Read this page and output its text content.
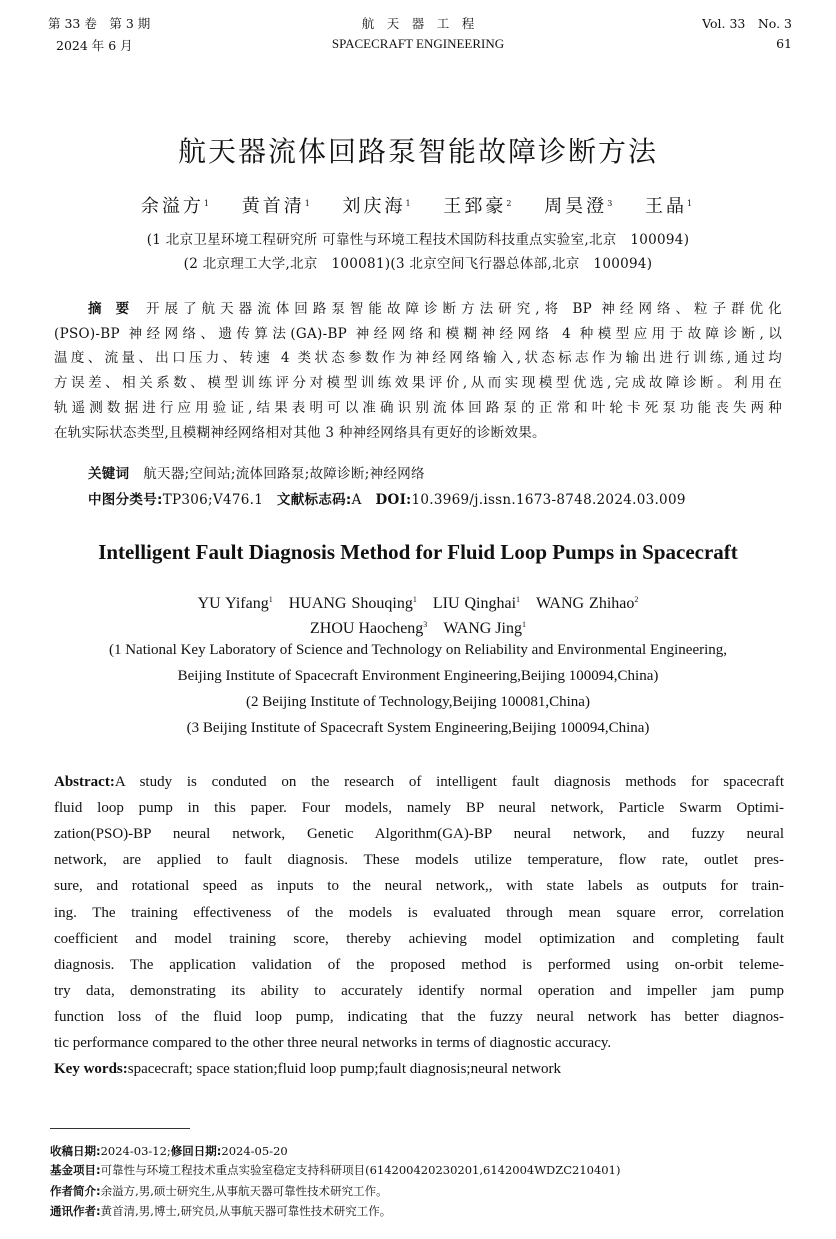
第 33 卷　第 3 期
2024 年 6 月
航　天　器　工　程
SPACECRAFT ENGINEERING
Vol. 33　No. 3
61
航天器流体回路泵智能故障诊断方法
余溢方$^1$　 黄首清$^1$　 刘庆海$^1$　 王郅豪$^2$　 周昊澄$^3$　 王晶$^1$
(1 北京卫星环境工程研究所 可靠性与环境工程技术国防科技重点实验室,北京　100094)
(2 北京理工大学,北京　100081)(3 北京空间飞行器总体部,北京　100094)
摘　要 开展了航天器流体回路泵智能故障诊断方法研究,将 BP 神经网络、粒子群优化
(PSO)-BP 神经网络、遗传算法(GA)-BP 神经网络和模糊神经网络 4 种模型应用于故障诊断,以
温度、流量、出口压力、转速 4 类状态参数作为神经网络输入,状态标志作为输出进行训练,通过均
方误差、相关系数、模型训练评分对模型训练效果评价,从而实现模型优选,完成故障诊断。利用在
轨遥测数据进行应用验证,结果表明可以准确识别流体回路泵的正常和叶轮卡死泵功能丧失两种
在轨实际状态类型,且模糊神经网络相对其他 3 种神经网络具有更好的诊断效果。
关键词　 航天器;空间站;流体回路泵;故障诊断;神经网络
中图分类号:TP306;V476.1　 文献标志码:A　 DOI:10.3969/j.issn.1673-8748.2024.03.009
Intelligent Fault Diagnosis Method for Fluid Loop Pumps in Spacecraft
YU Yifang$^1$　 HUANG Shouqing$^1$　 LIU Qinghai$^1$　 WANG Zhihao$^2$
ZHOU Haocheng$^3$　 WANG Jing$^1$
(1 National Key Laboratory of Science and Technology on Reliability and Environmental Engineering,
Beijing Institute of Spacecraft Environment Engineering,Beijing 100094,China)
(2 Beijing Institute of Technology,Beijing 100081,China)
(3 Beijing Institute of Spacecraft System Engineering,Beijing 100094,China)
Abstract:A study is conduted on the research of intelligent fault diagnosis methods for spacecraft
fluid loop pump in this paper. Four models, namely BP neural network, Particle Swarm Optimi-
zation(PSO)-BP neural network, Genetic Algorithm(GA)-BP neural network, and fuzzy neural
network, are applied to fault diagnosis. These models utilize temperature, flow rate, outlet pres-
sure, and rotational speed as inputs to the neural network,, with state labels as outputs for train-
ing. The training effectiveness of the models is evaluated through mean square error, correlation
coefficient and model training score, thereby achieving model optimization and completing fault
diagnosis. The application validation of the proposed method is performed using on-orbit teleme-
try data, demonstrating its ability to accurately identify normal operation and impeller jam pump
function loss of the fluid loop pump, indicating that the fuzzy neural network has better diagnos-
tic performance compared to the other three neural networks in terms of diagnostic accuracy.
Key words:spacecraft; space station;fluid loop pump;fault diagnosis;neural network
收稿日期:2024-03-12;修回日期:2024-05-20
基金项目:可靠性与环境工程技术重点实验室稳定支持科研项目(614200420230201,6142004WDZC210401)
作者简介:余溢方,男,硕士研究生,从事航天器可靠性技术研究工作。
通讯作者:黄首清,男,博士,研究员,从事航天器可靠性技术研究工作。
